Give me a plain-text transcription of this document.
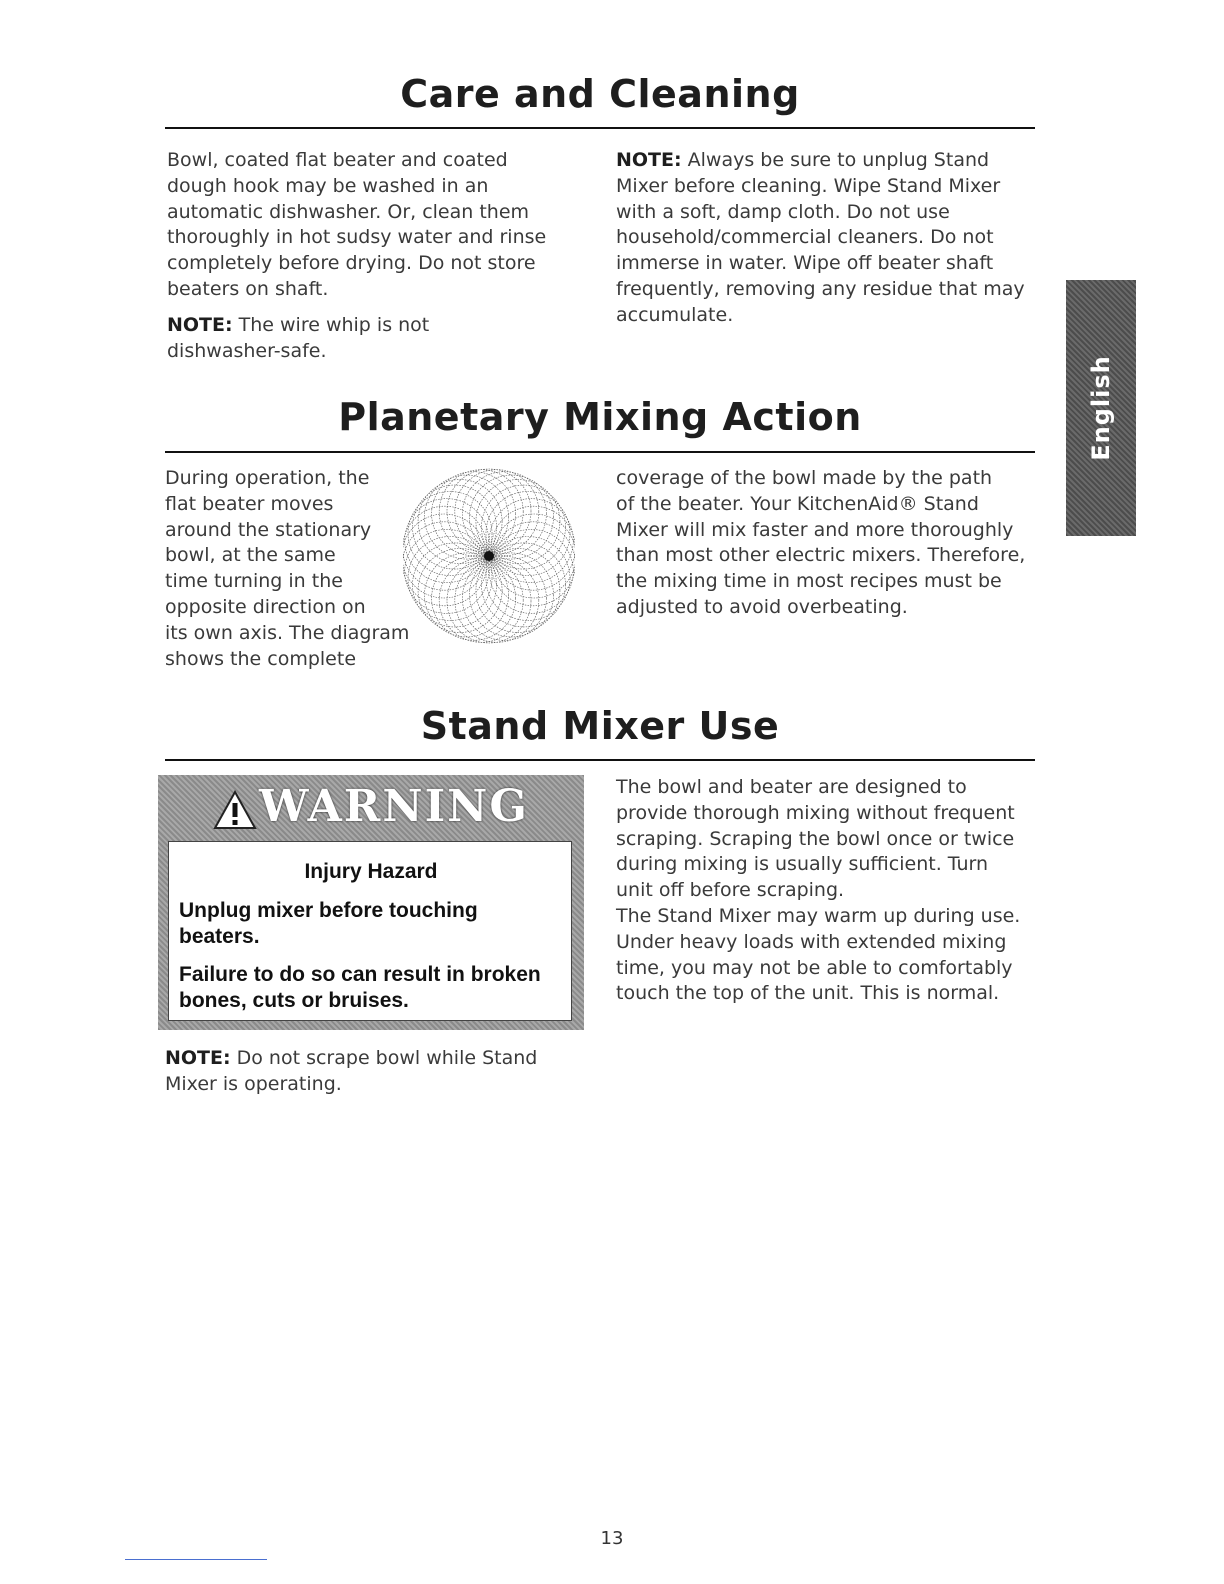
Care and Cleaning
Bowl, coated flat beater and coated
dough hook may be washed in an
automatic dishwasher. Or, clean them
thoroughly in hot sudsy water and rinse
completely before drying. Do not store
beaters on shaft.
NOTE: The wire whip is not
dishwasher-safe.
NOTE: Always be sure to unplug Stand
Mixer before cleaning. Wipe Stand Mixer
with a soft, damp cloth. Do not use
household/commercial cleaners. Do not
immerse in water. Wipe off beater shaft
frequently, removing any residue that may
accumulate.
English
Planetary Mixing Action
During operation, the
flat beater moves
around the stationary
bowl, at the same
time turning in the
opposite direction on
its own axis. The diagram
shows the complete
coverage of the bowl made by the path
of the beater. Your KitchenAid® Stand
Mixer will mix faster and more thoroughly
than most other electric mixers. Therefore,
the mixing time in most recipes must be
adjusted to avoid overbeating.
Stand Mixer Use
WARNING
Injury Hazard
Unplug mixer before touching
beaters.
Failure to do so can result in broken
bones, cuts or bruises.
NOTE: Do not scrape bowl while Stand
Mixer is operating.
The bowl and beater are designed to
provide thorough mixing without frequent
scraping. Scraping the bowl once or twice
during mixing is usually sufficient. Turn
unit off before scraping.
The Stand Mixer may warm up during use.
Under heavy loads with extended mixing
time, you may not be able to comfortably
touch the top of the unit. This is normal.
13
